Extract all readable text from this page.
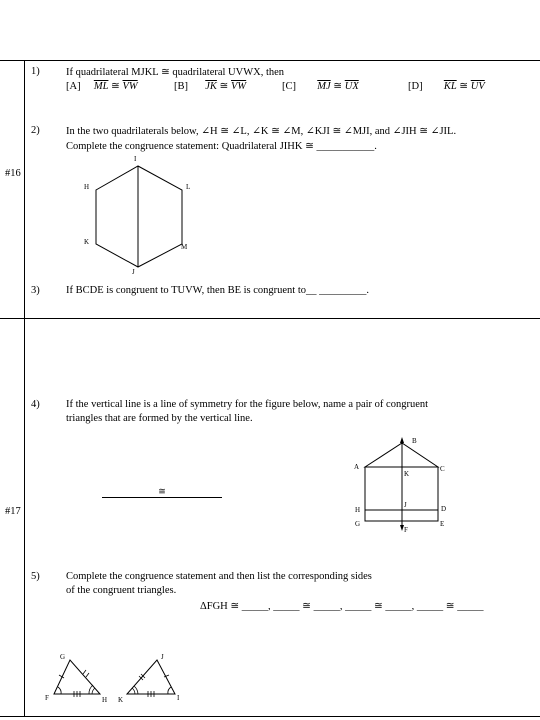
#16
#17
1)	If quadrilateral MJKL ≅ quadrilateral UVWX, then
[A] $\overline{ML}$ ≅ $\overline{VW}$	[B] $\overline{JK}$ ≅ $\overline{VW}$	[C] $\overline{MJ}$ ≅ $\overline{UX}$	[D] $\overline{KL}$ ≅ $\overline{UV}$
2)	In the two quadrilaterals below, ∠H ≅ ∠L, ∠K ≅ ∠M, ∠KJI ≅ ∠MJI, and ∠JIH ≅ ∠JIL.
Complete the congruence statement: Quadrilateral JIHK ≅ ___________.
I
H	L
K
M
J
3)	If BCDE is congruent to TUVW, then BE is congruent to__ _________.
4)	If the vertical line is a line of symmetry for the figure below, name a pair of congruent
triangles that are formed by the vertical line.
≅
B
A	C
K
J
H	D
G	E
F
5)	Complete the congruence statement and then list the corresponding sides
of the congruent triangles.
ΔFGH ≅ _____, _____ ≅ _____, _____ ≅ _____, _____ ≅ _____
G
F	H
J
K	I
